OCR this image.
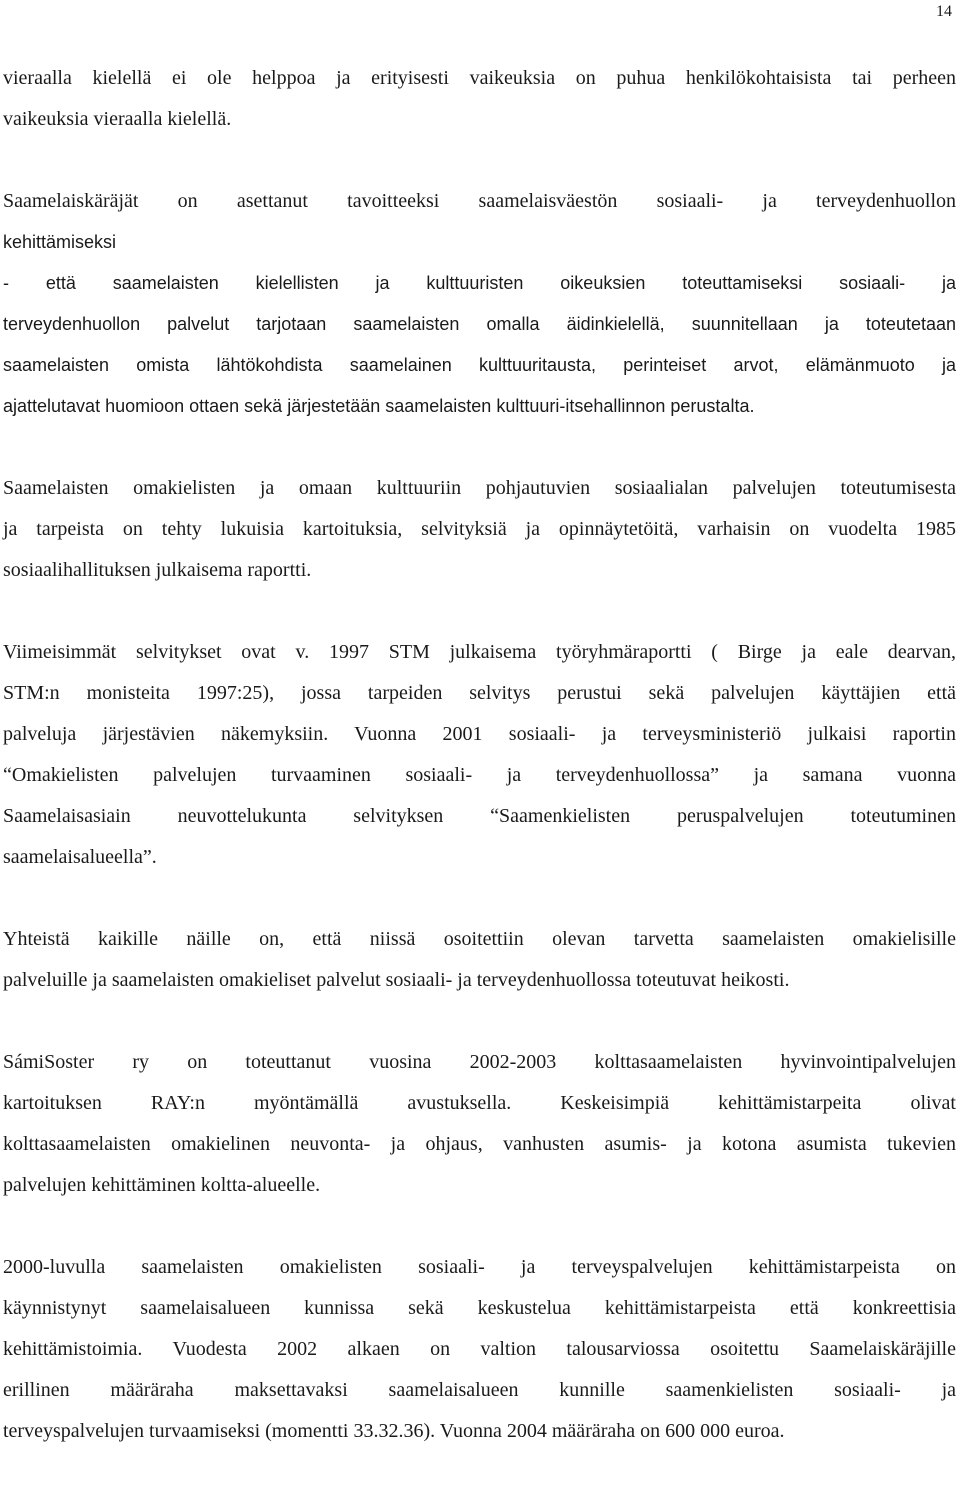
14
vieraalla kielellä ei ole helppoa ja erityisesti vaikeuksia on puhua henkilökohtaisista tai perheen
vaikeuksia vieraalla kielellä.
Saamelaiskäräjät on asettanut tavoitteeksi saamelaisväestön sosiaali- ja terveydenhuollon
kehittämiseksi
- että saamelaisten kielellisten ja kulttuuristen oikeuksien toteuttamiseksi sosiaali- ja
terveydenhuollon palvelut tarjotaan saamelaisten omalla äidinkielellä, suunnitellaan ja toteutetaan
saamelaisten omista lähtökohdista saamelainen kulttuuritausta, perinteiset arvot, elämänmuoto ja
ajattelutavat huomioon ottaen sekä järjestetään saamelaisten kulttuuri-itsehallinnon perustalta.
Saamelaisten omakielisten ja omaan kulttuuriin pohjautuvien sosiaalialan palvelujen toteutumisesta
ja tarpeista on tehty lukuisia kartoituksia, selvityksiä ja opinnäytetöitä, varhaisin on vuodelta 1985
sosiaalihallituksen julkaisema raportti.
Viimeisimmät selvitykset ovat v. 1997 STM julkaisema työryhmäraportti ( Birge ja eale dearvan,
STM:n monisteita 1997:25), jossa tarpeiden selvitys perustui sekä palvelujen käyttäjien että
palveluja järjestävien näkemyksiin. Vuonna 2001 sosiaali- ja terveysministeriö julkaisi raportin
“Omakielisten palvelujen turvaaminen sosiaali- ja terveydenhuollossa” ja samana vuonna
Saamelaisasiain neuvottelukunta selvityksen “Saamenkielisten peruspalvelujen toteutuminen
saamelaisalueella”.
Yhteistä kaikille näille on, että niissä osoitettiin olevan tarvetta saamelaisten omakielisille
palveluille ja saamelaisten omakieliset palvelut sosiaali- ja terveydenhuollossa toteutuvat heikosti.
SámiSoster ry on toteuttanut vuosina 2002-2003 kolttasaamelaisten hyvinvointipalvelujen
kartoituksen RAY:n myöntämällä avustuksella. Keskeisimpiä kehittämistarpeita olivat
kolttasaamelaisten omakielinen neuvonta- ja ohjaus, vanhusten asumis- ja kotona asumista tukevien
palvelujen kehittäminen koltta-alueelle.
2000-luvulla saamelaisten omakielisten sosiaali- ja terveyspalvelujen kehittämistarpeista on
käynnistynyt saamelaisalueen kunnissa sekä keskustelua kehittämistarpeista että konkreettisia
kehittämistoimia. Vuodesta 2002 alkaen on valtion talousarviossa osoitettu Saamelaiskäräjille
erillinen määräraha maksettavaksi saamelaisalueen kunnille saamenkielisten sosiaali- ja
terveyspalvelujen turvaamiseksi (momentti 33.32.36). Vuonna 2004 määräraha on 600 000 euroa.
